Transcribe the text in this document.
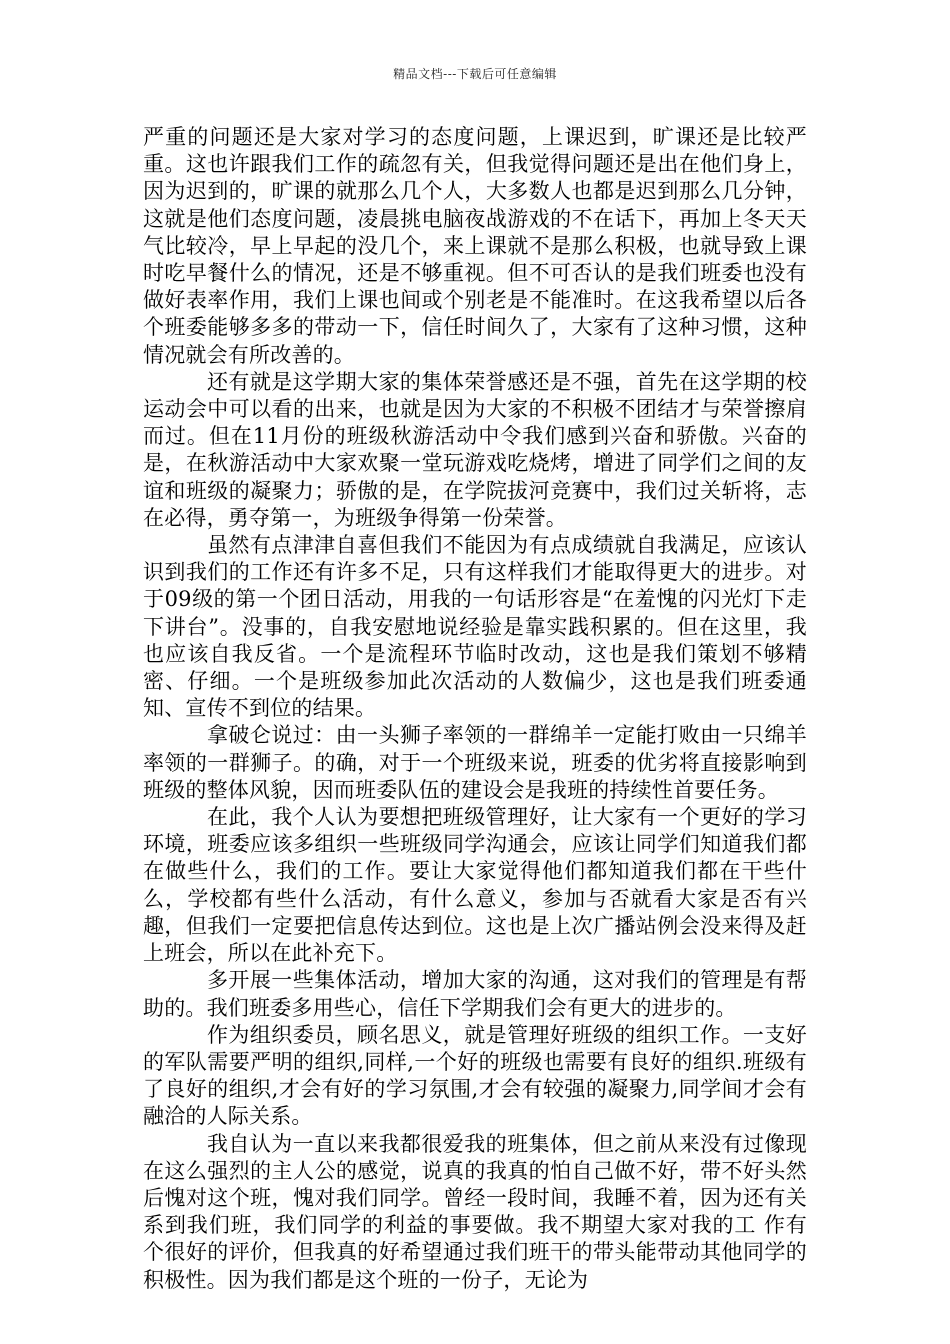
精品文档---下载后可任意编辑

严重的问题还是大家对学习的态度问题，上课迟到，旷课还是比较严重。这也许跟我们工作的疏忽有关，但我觉得问题还是出在他们身上，因为迟到的，旷课的就那么几个人，大多数人也都是迟到那么几分钟，这就是他们态度问题，凌晨挑电脑夜战游戏的不在话下，再加上冬天天气比较冷，早上早起的没几个，来上课就不是那么积极，也就导致上课时吃早餐什么的情况，还是不够重视。但不可否认的是我们班委也没有做好表率作用，我们上课也间或个别老是不能准时。在这我希望以后各个班委能够多多的带动一下，信任时间久了，大家有了这种习惯，这种情况就会有所改善的。

还有就是这学期大家的集体荣誉感还是不强，首先在这学期的校运动会中可以看的出来，也就是因为大家的不积极不团结才与荣誉擦肩而过。但在11月份的班级秋游活动中令我们感到兴奋和骄傲。兴奋的是，在秋游活动中大家欢聚一堂玩游戏吃烧烤，增进了同学们之间的友谊和班级的凝聚力；骄傲的是，在学院拔河竞赛中，我们过关斩将，志在必得，勇夺第一，为班级争得第一份荣誉。

虽然有点津津自喜但我们不能因为有点成绩就自我满足，应该认识到我们的工作还有许多不足，只有这样我们才能取得更大的进步。对于09级的第一个团日活动，用我的一句话形容是“在羞愧的闪光灯下走下讲台”。没事的，自我安慰地说经验是靠实践积累的。但在这里，我也应该自我反省。一个是流程环节临时改动，这也是我们策划不够精密、仔细。一个是班级参加此次活动的人数偏少，这也是我们班委通知、宣传不到位的结果。

拿破仑说过：由一头狮子率领的一群绵羊一定能打败由一只绵羊率领的一群狮子。的确，对于一个班级来说，班委的优劣将直接影响到班级的整体风貌，因而班委队伍的建设会是我班的持续性首要任务。

在此，我个人认为要想把班级管理好，让大家有一个更好的学习环境，班委应该多组织一些班级同学沟通会，应该让同学们知道我们都在做些什么，我们的工作。要让大家觉得他们都知道我们都在干些什么，学校都有些什么活动，有什么意义，参加与否就看大家是否有兴趣，但我们一定要把信息传达到位。这也是上次广播站例会没来得及赶上班会，所以在此补充下。

多开展一些集体活动，增加大家的沟通，这对我们的管理是有帮助的。我们班委多用些心，信任下学期我们会有更大的进步的。

作为组织委员，顾名思义，就是管理好班级的组织工作。一支好的军队需要严明的组织,同样,一个好的班级也需要有良好的组织.班级有了良好的组织,才会有好的学习氛围,才会有较强的凝聚力,同学间才会有融洽的人际关系。

我自认为一直以来我都很爱我的班集体，但之前从来没有过像现在这么强烈的主人公的感觉，说真的我真的怕自己做不好，带不好头然后愧对这个班，愧对我们同学。曾经一段时间，我睡不着，因为还有关系到我们班，我们同学的利益的事要做。我不期望大家对我的工 作有个很好的评价，但我真的好希望通过我们班干的带头能带动其他同学的积极性。因为我们都是这个班的一份子，无论为
